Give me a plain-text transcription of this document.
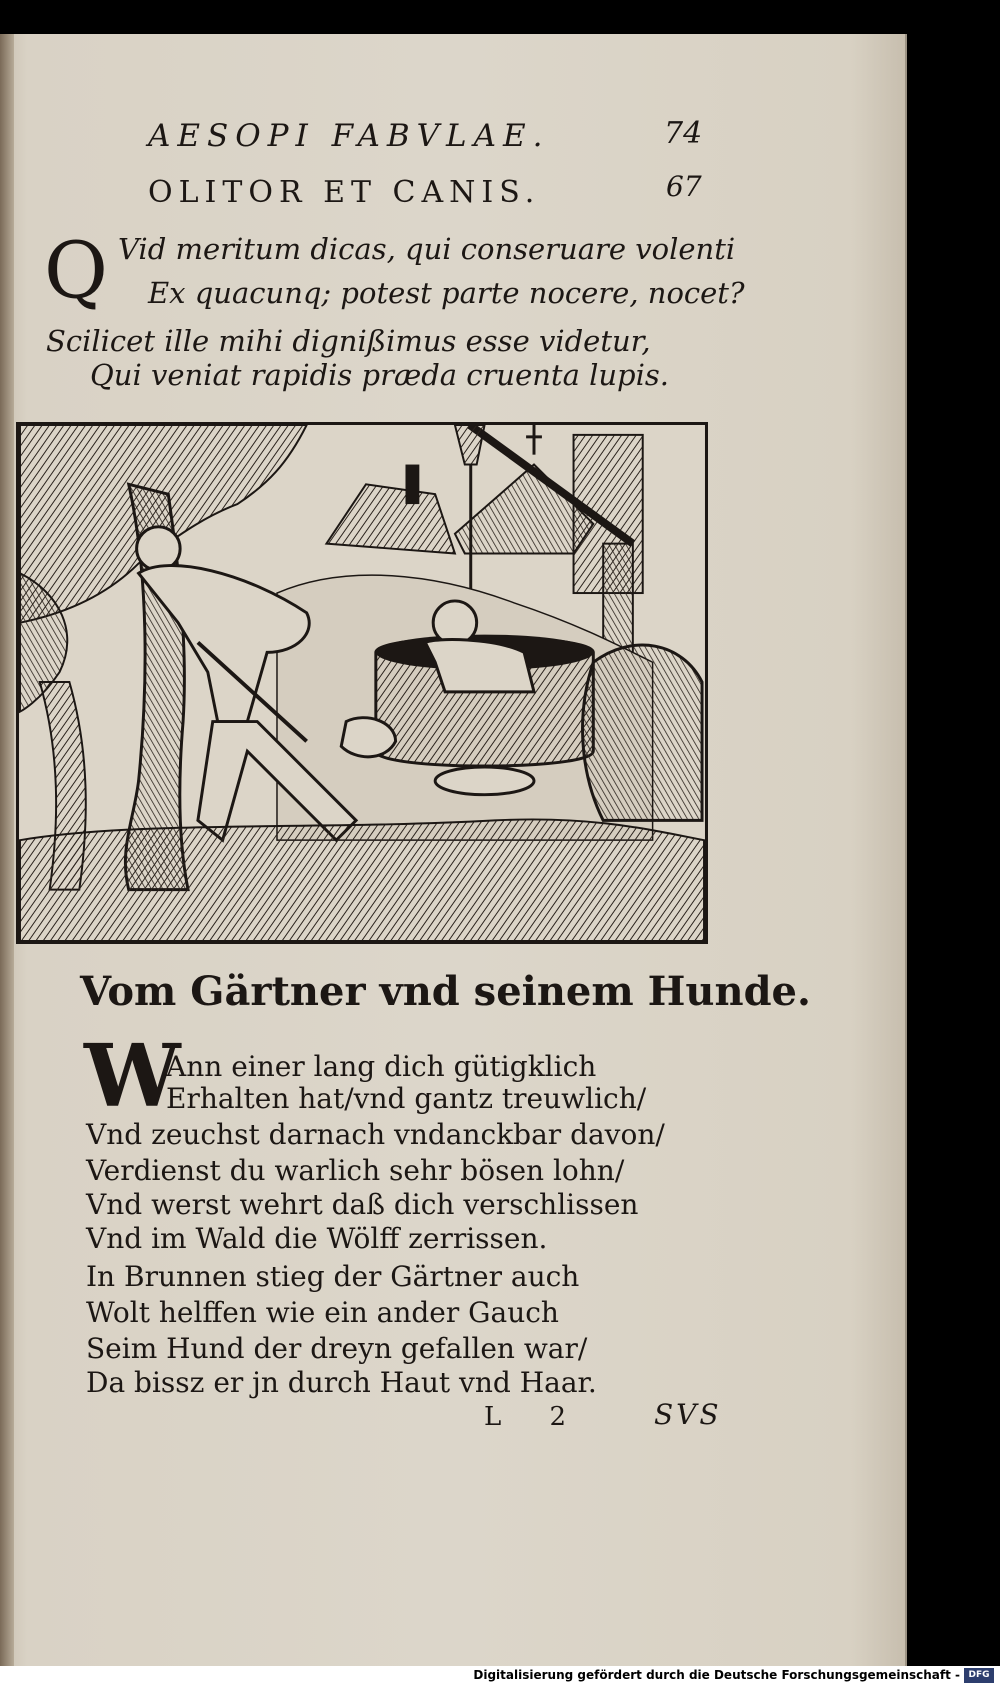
AESOPI FABVLAE.	74
OLITOR ET CANIS.	67
Q Vid meritum dicas, qui conseruare volenti
Ex quacunq; potest parte nocere, nocet?
Scilicet ille mihi dignißimus esse videtur,
Qui veniat rapidis præda cruenta lupis.
Vom Gärtner vnd seinem Hunde.
W
Ann einer lang dich gütigklich
Erhalten hat/vnd gantz treuwlich/
Vnd zeuchst darnach vndanckbar davon/
Verdienst du warlich sehr bösen lohn/
Vnd werst wehrt daß dich verschlissen
Vnd im Wald die Wölff zerrissen.
In Brunnen stieg der Gärtner auch
Wolt helffen wie ein ander Gauch
Seim Hund der dreyn gefallen war/
Da bissz er jn durch Haut vnd Haar.
L 2 SVS
Digitalisierung gefördert durch die Deutsche Forschungsgemeinschaft - DFG
